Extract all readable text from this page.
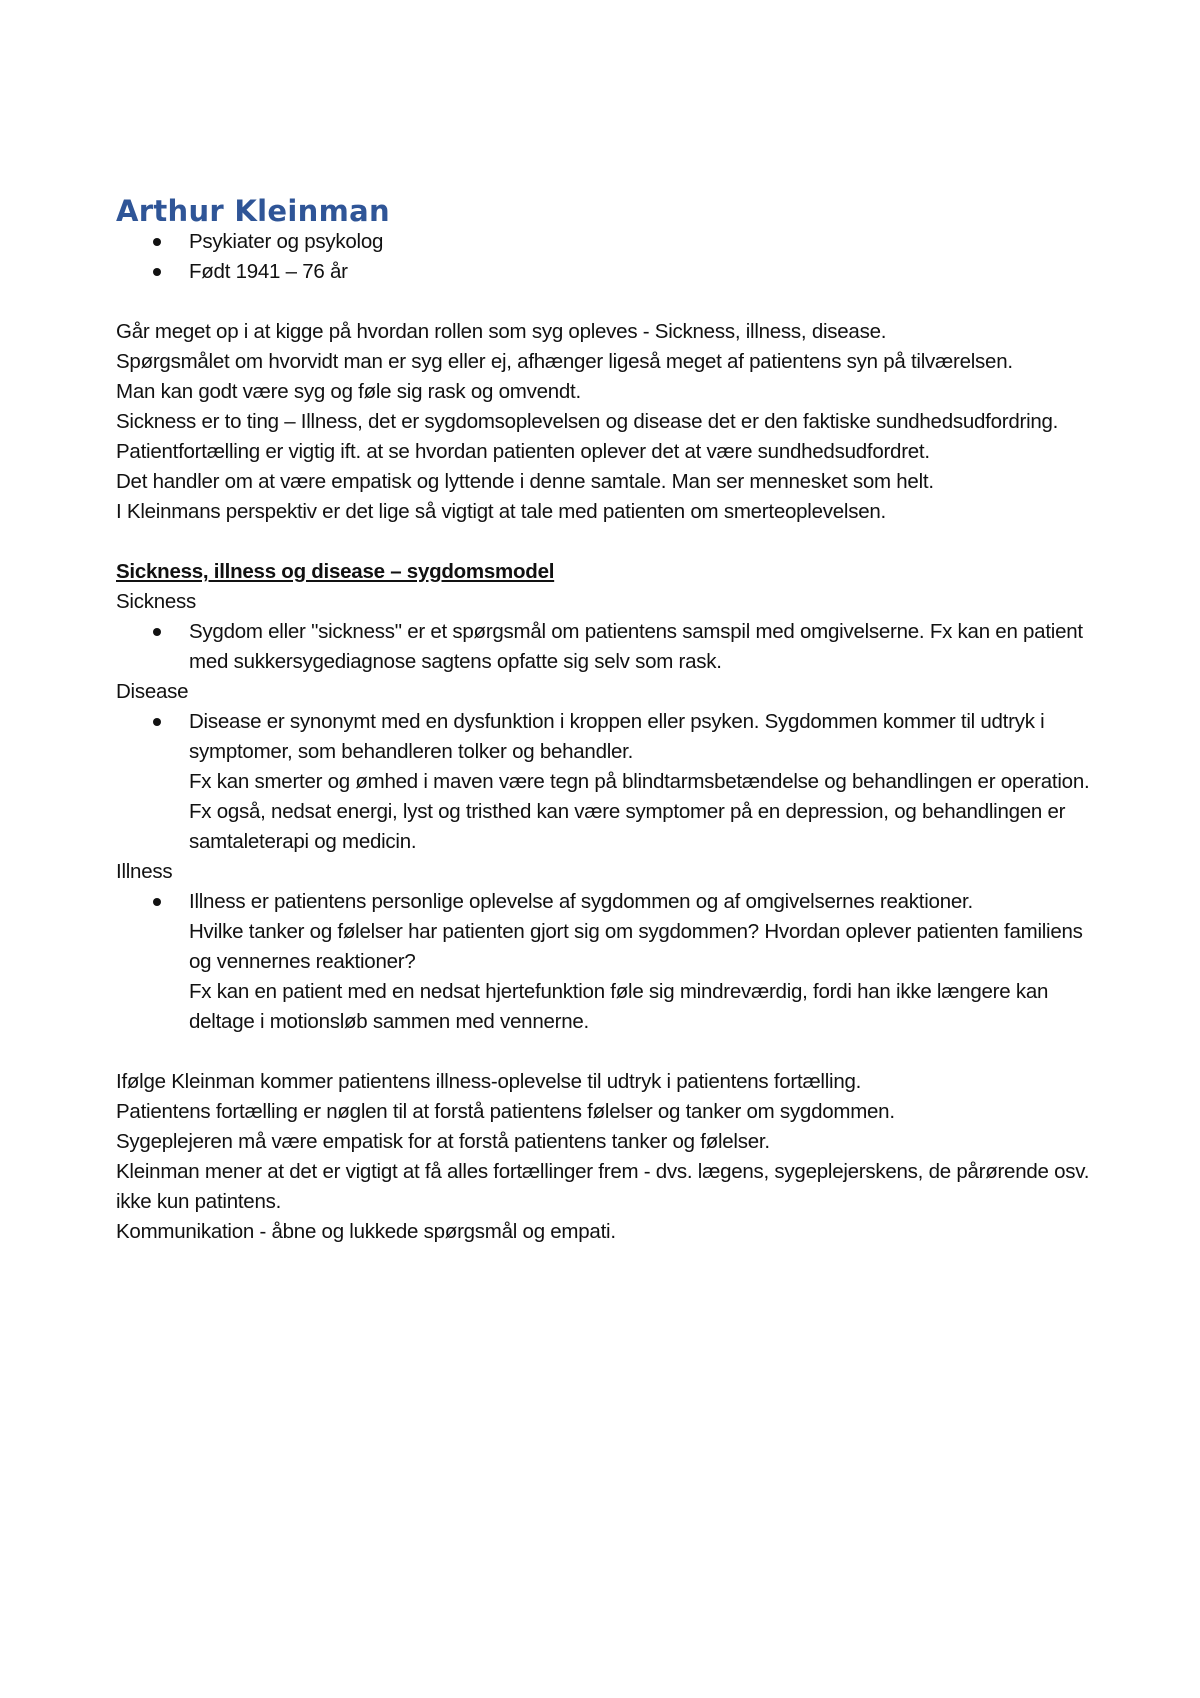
Arthur Kleinman
Psykiater og psykolog
Født 1941 – 76 år

Går meget op i at kigge på hvordan rollen som syg opleves - Sickness, illness, disease.

Spørgsmålet om hvorvidt man er syg eller ej, afhænger ligeså meget af patientens syn på tilværelsen.

Man kan godt være syg og føle sig rask og omvendt.

Sickness er to ting – Illness, det er sygdomsoplevelsen og disease det er den faktiske sundhedsudfordring.

Patientfortælling er vigtig ift. at se hvordan patienten oplever det at være sundhedsudfordret.

Det handler om at være empatisk og lyttende i denne samtale. Man ser mennesket som helt.

I Kleinmans perspektiv er det lige så vigtigt at tale med patienten om smerteoplevelsen.

Sickness, illness og disease – sygdomsmodel

Sickness

Sygdom eller "sickness" er et spørgsmål om patientens samspil med omgivelserne. Fx kan en patient med sukkersygediagnose sagtens opfatte sig selv som rask.

Disease

Disease er synonymt med en dysfunktion i kroppen eller psyken. Sygdommen kommer til udtryk i symptomer, som behandleren tolker og behandler.

Fx kan smerter og ømhed i maven være tegn på blindtarmsbetændelse og behandlingen er operation.

Fx også, nedsat energi, lyst og tristhed kan være symptomer på en depression, og behandlingen er samtaleterapi og medicin.

Illness

Illness er patientens personlige oplevelse af sygdommen og af omgivelsernes reaktioner.

Hvilke tanker og følelser har patienten gjort sig om sygdommen? Hvordan oplever patienten familiens og vennernes reaktioner?

Fx kan en patient med en nedsat hjertefunktion føle sig mindreværdig, fordi han ikke længere kan deltage i motionsløb sammen med vennerne.

Ifølge Kleinman kommer patientens illness-oplevelse til udtryk i patientens fortælling.

Patientens fortælling er nøglen til at forstå patientens følelser og tanker om sygdommen.

Sygeplejeren må være empatisk for at forstå patientens tanker og følelser.

Kleinman mener at det er vigtigt at få alles fortællinger frem - dvs. lægens, sygeplejerskens, de pårørende osv. ikke kun patintens.

Kommunikation - åbne og lukkede spørgsmål og empati.
